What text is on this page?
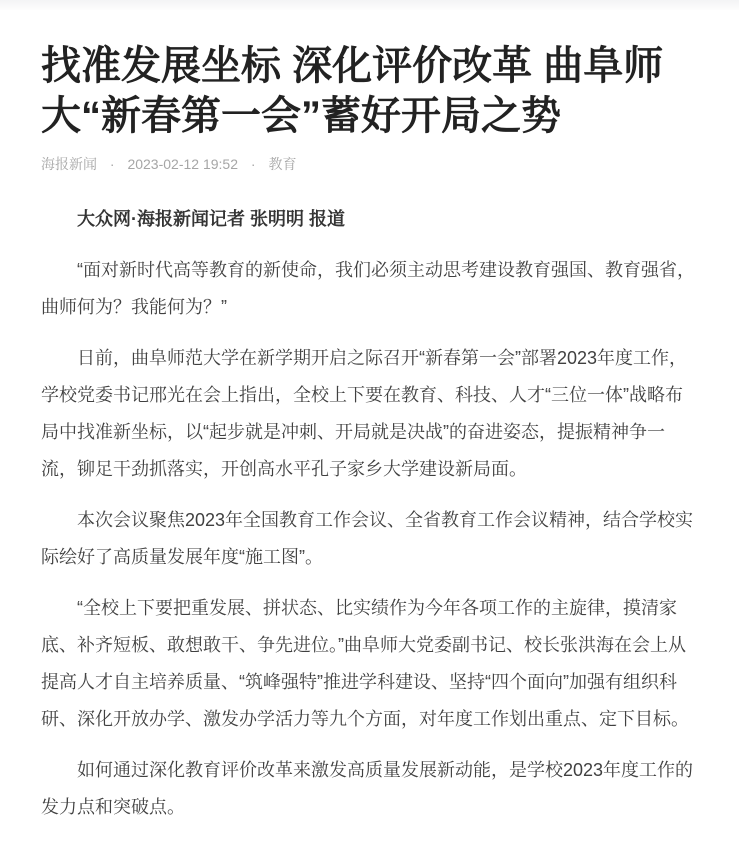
找准发展坐标 深化评价改革 曲阜师大“新春第一会”蓄好开局之势
海报新闻 · 2023-02-12 19:52 · 教育

大众网·海报新闻记者 张明明 报道

“面对新时代高等教育的新使命，我们必须主动思考建设教育强国、教育强省，曲师何为？我能何为？”

日前，曲阜师范大学在新学期开启之际召开“新春第一会”部署2023年度工作，学校党委书记邢光在会上指出，全校上下要在教育、科技、人才“三位一体”战略布局中找准新坐标，以“起步就是冲刺、开局就是决战”的奋进姿态，提振精神争一流，铆足干劲抓落实，开创高水平孔子家乡大学建设新局面。

本次会议聚焦2023年全国教育工作会议、全省教育工作会议精神，结合学校实际绘好了高质量发展年度“施工图”。

“全校上下要把重发展、拼状态、比实绩作为今年各项工作的主旋律，摸清家底、补齐短板、敢想敢干、争先进位。”曲阜师大党委副书记、校长张洪海在会上从提高人才自主培养质量、“筑峰强特”推进学科建设、坚持“四个面向”加强有组织科研、深化开放办学、激发办学活力等九个方面，对年度工作划出重点、定下目标。

如何通过深化教育评价改革来激发高质量发展新动能，是学校2023年度工作的发力点和突破点。
